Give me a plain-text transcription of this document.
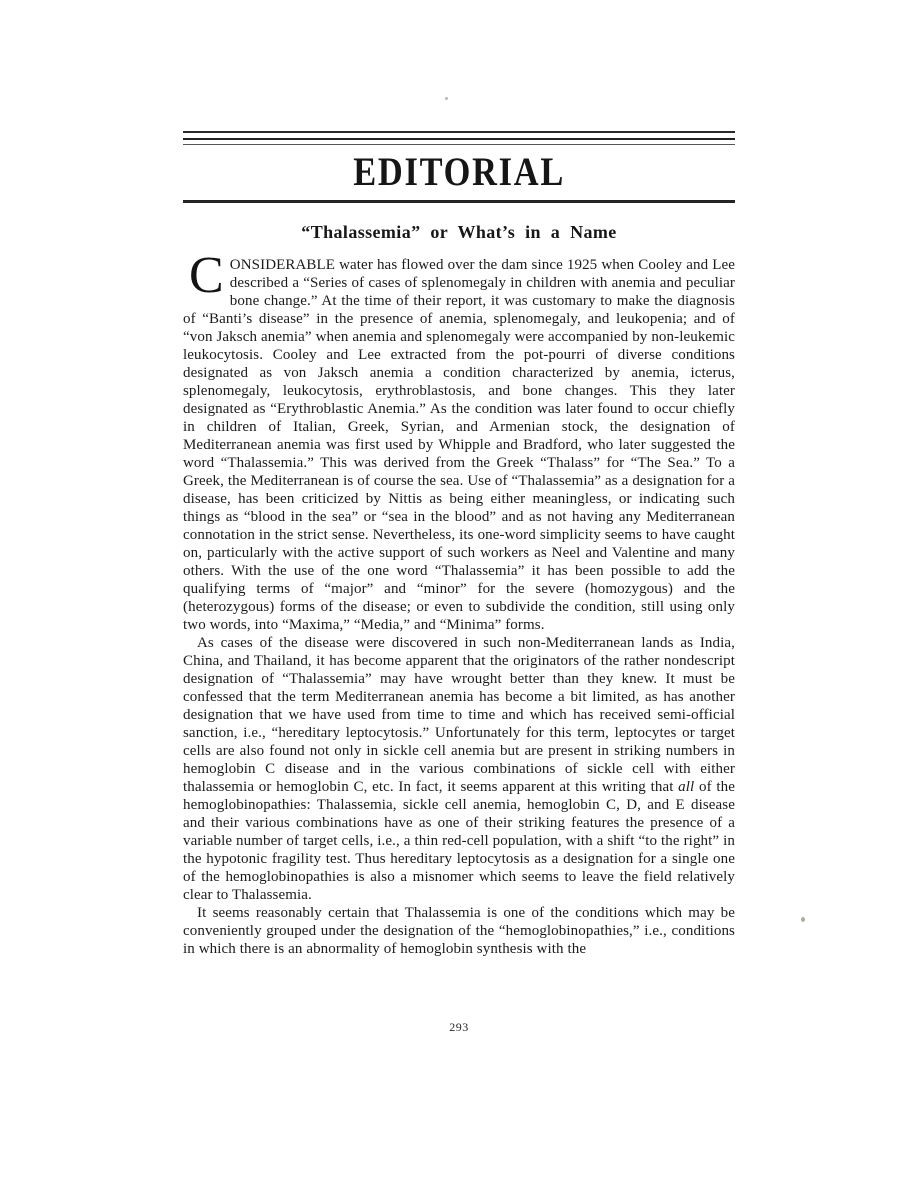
EDITORIAL
“Thalassemia” or What’s in a Name

CONSIDERABLE water has flowed over the dam since 1925 when Cooley and Lee described a “Series of cases of splenomegaly in children with anemia and peculiar bone change.” At the time of their report, it was customary to make the diagnosis of “Banti’s disease” in the presence of anemia, splenomegaly, and leukopenia; and of “von Jaksch anemia” when anemia and splenomegaly were accompanied by non-leukemic leukocytosis. Cooley and Lee extracted from the pot-pourri of diverse conditions designated as von Jaksch anemia a condition characterized by anemia, icterus, splenomegaly, leukocytosis, erythroblastosis, and bone changes. This they later designated as “Erythroblastic Anemia.” As the condition was later found to occur chiefly in children of Italian, Greek, Syrian, and Armenian stock, the designation of Mediterranean anemia was first used by Whipple and Bradford, who later suggested the word “Thalassemia.” This was derived from the Greek “Thalass” for “The Sea.” To a Greek, the Mediterranean is of course the sea. Use of “Thalassemia” as a designation for a disease, has been criticized by Nittis as being either meaningless, or indicating such things as “blood in the sea” or “sea in the blood” and as not having any Mediterranean connotation in the strict sense. Nevertheless, its one-word simplicity seems to have caught on, particularly with the active support of such workers as Neel and Valentine and many others. With the use of the one word “Thalassemia” it has been possible to add the qualifying terms of “major” and “minor” for the severe (homozygous) and the (heterozygous) forms of the disease; or even to subdivide the condition, still using only two words, into “Maxima,” “Media,” and “Minima” forms.

As cases of the disease were discovered in such non-Mediterranean lands as India, China, and Thailand, it has become apparent that the originators of the rather nondescript designation of “Thalassemia” may have wrought better than they knew. It must be confessed that the term Mediterranean anemia has become a bit limited, as has another designation that we have used from time to time and which has received semi-official sanction, i.e., “hereditary leptocytosis.” Unfortunately for this term, leptocytes or target cells are also found not only in sickle cell anemia but are present in striking numbers in hemoglobin C disease and in the various combinations of sickle cell with either thalassemia or hemoglobin C, etc. In fact, it seems apparent at this writing that all of the hemoglobinopathies: Thalassemia, sickle cell anemia, hemoglobin C, D, and E disease and their various combinations have as one of their striking features the presence of a variable number of target cells, i.e., a thin red-cell population, with a shift “to the right” in the hypotonic fragility test. Thus hereditary leptocytosis as a designation for a single one of the hemoglobinopathies is also a misnomer which seems to leave the field relatively clear to Thalassemia.

It seems reasonably certain that Thalassemia is one of the conditions which may be conveniently grouped under the designation of the “hemoglobinopathies,” i.e., conditions in which there is an abnormality of hemoglobin synthesis with the

293
